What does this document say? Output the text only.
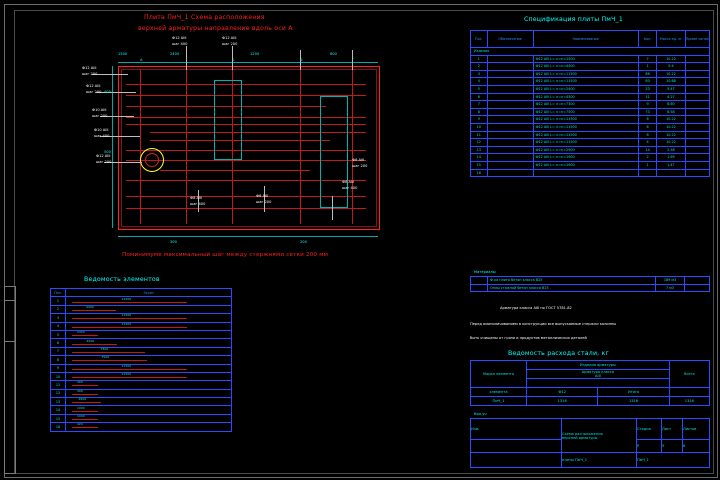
Плита ПмЧ_1 Схема расположения
верхней арматуры направление вдоль оси А
Ф12 AIII
шаг 200
Ф12 AIII
шаг 200
Ф10 AIII
шаг 200
Ф10 AIII
шаг 400
Ф12 AIII
шаг 200
Ф12 AIII
шаг 400
Ф12 AIII
шаг 200
Ф8 AIII
шаг 400
Ф8 AIII
шаг 200
Ф8 AIII
шаг 400
Ф8 AIII
шаг 200
1500	2400	1200	600
400
500
300	200
А	Б	В	Г
Поминимуме максимальный шаг между стержнями сетки 200 мм
Спецификация плиты ПмЧ_1
Поз.	Обозначение	Наименование	Кол.	Масса ед. кг	Приме чание
Изделия					
1		Ф12 AIII L= n=n=1500	7	10.22	
2		Ф12 AIII L= n=n=4400	1	5.4	
3		Ф12 AIII L= n=n=11500	86	10.22	
4		Ф12 AIII L= n=n=11500	80	10.88	
5		Ф12 AIII L= n=n=2400	23	5.47	
6		Ф12 AIII L= n=n=4500	11	4.27	
7		Ф12 AIII L= n=n=7300	9	6.60	
8		Ф12 AIII L= n=n=7500	73	6.58	
9		Ф12 AIII L= n=n=11500	6	10.22	
10		Ф12 AIII L= n=n=11500	6	10.22	
11		Ф12 AIII L= n=n=11500	8	10.22	
12		Ф12 AIII L= n=n=11500	4	10.22	
13		Ф12 AIII L= n=n=2900	14	2.58	
14		Ф12 AIII L= n=n=1900	2	1.69	
15		Ф12 AIII L= n=n=1900	1	1.47	
16					
Материалы
	Ф‑ка плита бетон класса В25	189 м3	
	Оплы стяжной бетон класса В25	7 м3	
Арматура класса АIII по ГОСТ 5781-82
Перед омоноличиванием в конструкции все выпускаемые стержни колонны
быть очищены от грязи и продуктов металлических деталей
Ведомость элементов
Поз.	Эскиз
1	11500

2	4400

3	11500

4	11500

5	2400

6	4500

7	7300

8	7500

9	11500

10	11500

11	400

12	400

13	2900

14	1900

15	1900

16	420
Ведомость расхода стали, кг
Марка элемента	Изделия арматуры		Всего
	Арматура класса
AIII		

элемента	Ф12	Итого	
ПмЧ_1	1316	1316	1316
Изм.	Схема расположения
верхней арматуры	Стадия	Лист	Листов
		Р	5	6
	плиты ПмЧ_1	ПмЧ_1		
Кол.уч
